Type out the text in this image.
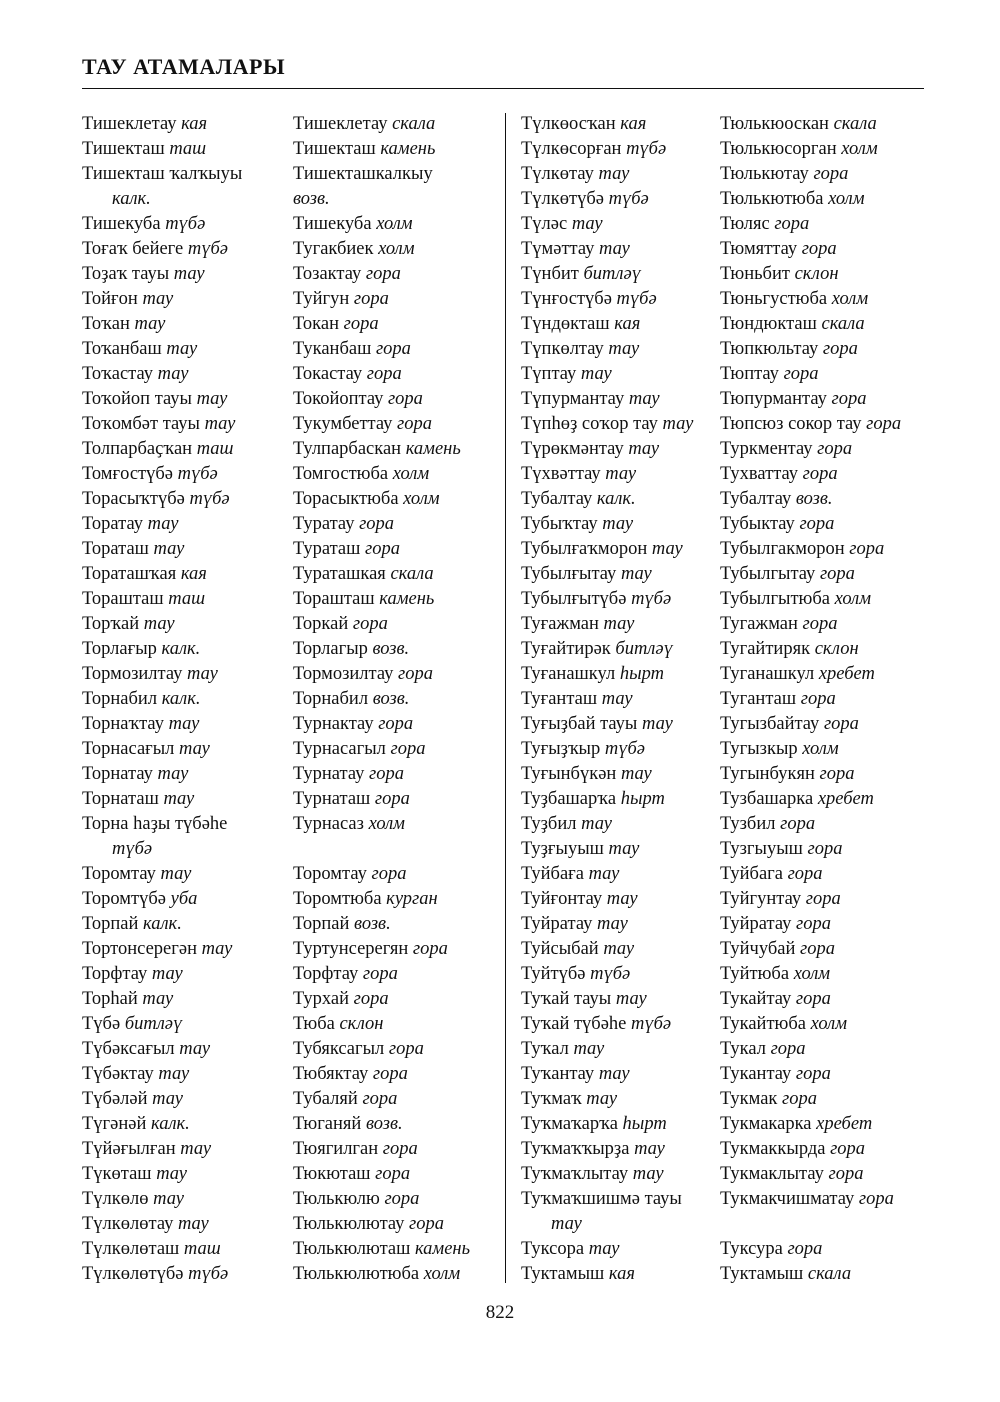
ТАУ АТАМАЛАРЫ
Тишеклетау кая	Тишеклетау скала
Тишекташ таш	Тишекташ камень
Тишекташ ҡалҡыуы	Тишекташкалкыу
калк.	возв.
Тишекуба түбә	Тишекуба холм
Тоғаҡ бейеге түбә	Тугакбиек холм
Тоҙаҡ тауы тау	Тозактау гора
Тойғон тау	Туйгун гора
Тоҡан тау	Токан гора
Тоҡанбаш тау	Туканбаш гора
Тоҡастау тау	Токастау гора
Тоҡойоп тауы тау	Токойоптау гора
Тоҡомбәт тауы тау	Тукумбеттау гора
Толпарбаҫҡан таш	Тулпарбаскан камень
Томғостүбә түбә	Томгостюба холм
Торасыҡтүбә түбә	Торасыктюба холм
Торатау тау	Туратау гора
Тораташ тау	Тураташ гора
Тораташҡая кая	Тураташкая скала
Торашташ таш	Торашташ камень
Торҡай тау	Торкай гора
Торлағыр калк.	Торлагыр возв.
Тормозилтау тау	Тормозилтау гора
Торнабил калк.	Торнабил возв.
Торнаҡтау тау	Турнактау гора
Торнасағыл тау	Турнасагыл гора
Торнатау тау	Турнатау гора
Торнаташ тау	Турнаташ гора
Торна һаҙы түбәһе	Турнасаз холм
түбә
Торомтау тау	Торомтау гора
Торомтүбә уба	Торомтюба курган
Торпай калк.	Торпай возв.
Тортонсерегән тау	Туртунсерегян гора
Торфтау тау	Торфтау гора
Торһай тау	Турхай гора
Түбә битләү	Тюба склон
Түбәксағыл тау	Тубяксагыл гора
Түбәктау тау	Тюбяктау гора
Түбәләй тау	Тубаляй гора
Түгәнәй калк.	Тюганяй возв.
Түйәғылған тау	Тюягилган гора
Түкөташ тау	Тюкюташ гора
Түлкөлө тау	Тюлькюлю гора
Түлкөлөтау тау	Тюлькюлютау гора
Түлкөлөташ таш	Тюлькюлюташ камень
Түлкөлөтүбә түбә	Тюлькюлютюба холм
Түлкөосҡан кая	Тюлькюоскан скала
Түлкөсорған түбә	Тюлькюсорган холм
Түлкөтау тау	Тюлькютау гора
Түлкөтүбә түбә	Тюлькютюба холм
Түләс тау	Тюляс гора
Түмәттау тау	Тюмяттау гора
Түнбит битләү	Тюньбит склон
Түнғостүбә түбә	Тюньгустюба холм
Түндөкташ кая	Тюндюкташ скала
Түпкөлтау тау	Тюпкюльтау гора
Түптау тау	Тюптау гора
Түпурмантау тау	Тюпурмантау гора
Түпһөҙ соҡор тау тау	Тюпсюз сокор тау гора
Түрөкмәнтау тау	Туркментау гора
Түхвәттау тау	Тухваттау гора
Тубалтау калк.	Тубалтау возв.
Тубыҡтау тау	Тубыктау гора
Тубылғаҡморон тау	Тубылгакморон гора
Тубылғытау тау	Тубылгытау гора
Тубылғытүбә түбә	Тубылгытюба холм
Туғажман тау	Тугажман гора
Туғайтирәк битләү	Тугайтиряк склон
Туғанашкул һырт	Туганашкул хребет
Туғанташ тау	Туганташ гора
Туғыҙбай тауы тау	Тугызбайтау гора
Туғыҙҡыр түбә	Тугызкыр холм
Туғынбүкән тау	Тугынбукян гора
Туҙбашарҡа һырт	Тузбашарка хребет
Туҙбил тау	Тузбил гора
Туҙғыуыш тау	Тузгыуыш гора
Туйбаға тау	Туйбага гора
Туйғонтау тау	Туйгунтау гора
Туйратау тау	Туйратау гора
Туйсыбай тау	Туйчубай гора
Туйтүбә түбә	Туйтюба холм
Туҡай тауы тау	Тукайтау гора
Туҡай түбәһе түбә	Тукайтюба холм
Туҡал тау	Тукал гора
Туҡантау тау	Тукантау гора
Туҡмаҡ тау	Тукмак гора
Туҡмаҡарҡа һырт	Тукмакарка хребет
Туҡмаҡҡырҙа тау	Тукмаккырда гора
Туҡмаҡлытау тау	Тукмаклытау гора
Туҡмаҡшишмә тауы	Тукмакчишматау гора
тау
Туксора тау	Туксура гора
Туктамыш кая	Туктамыш скала
822
